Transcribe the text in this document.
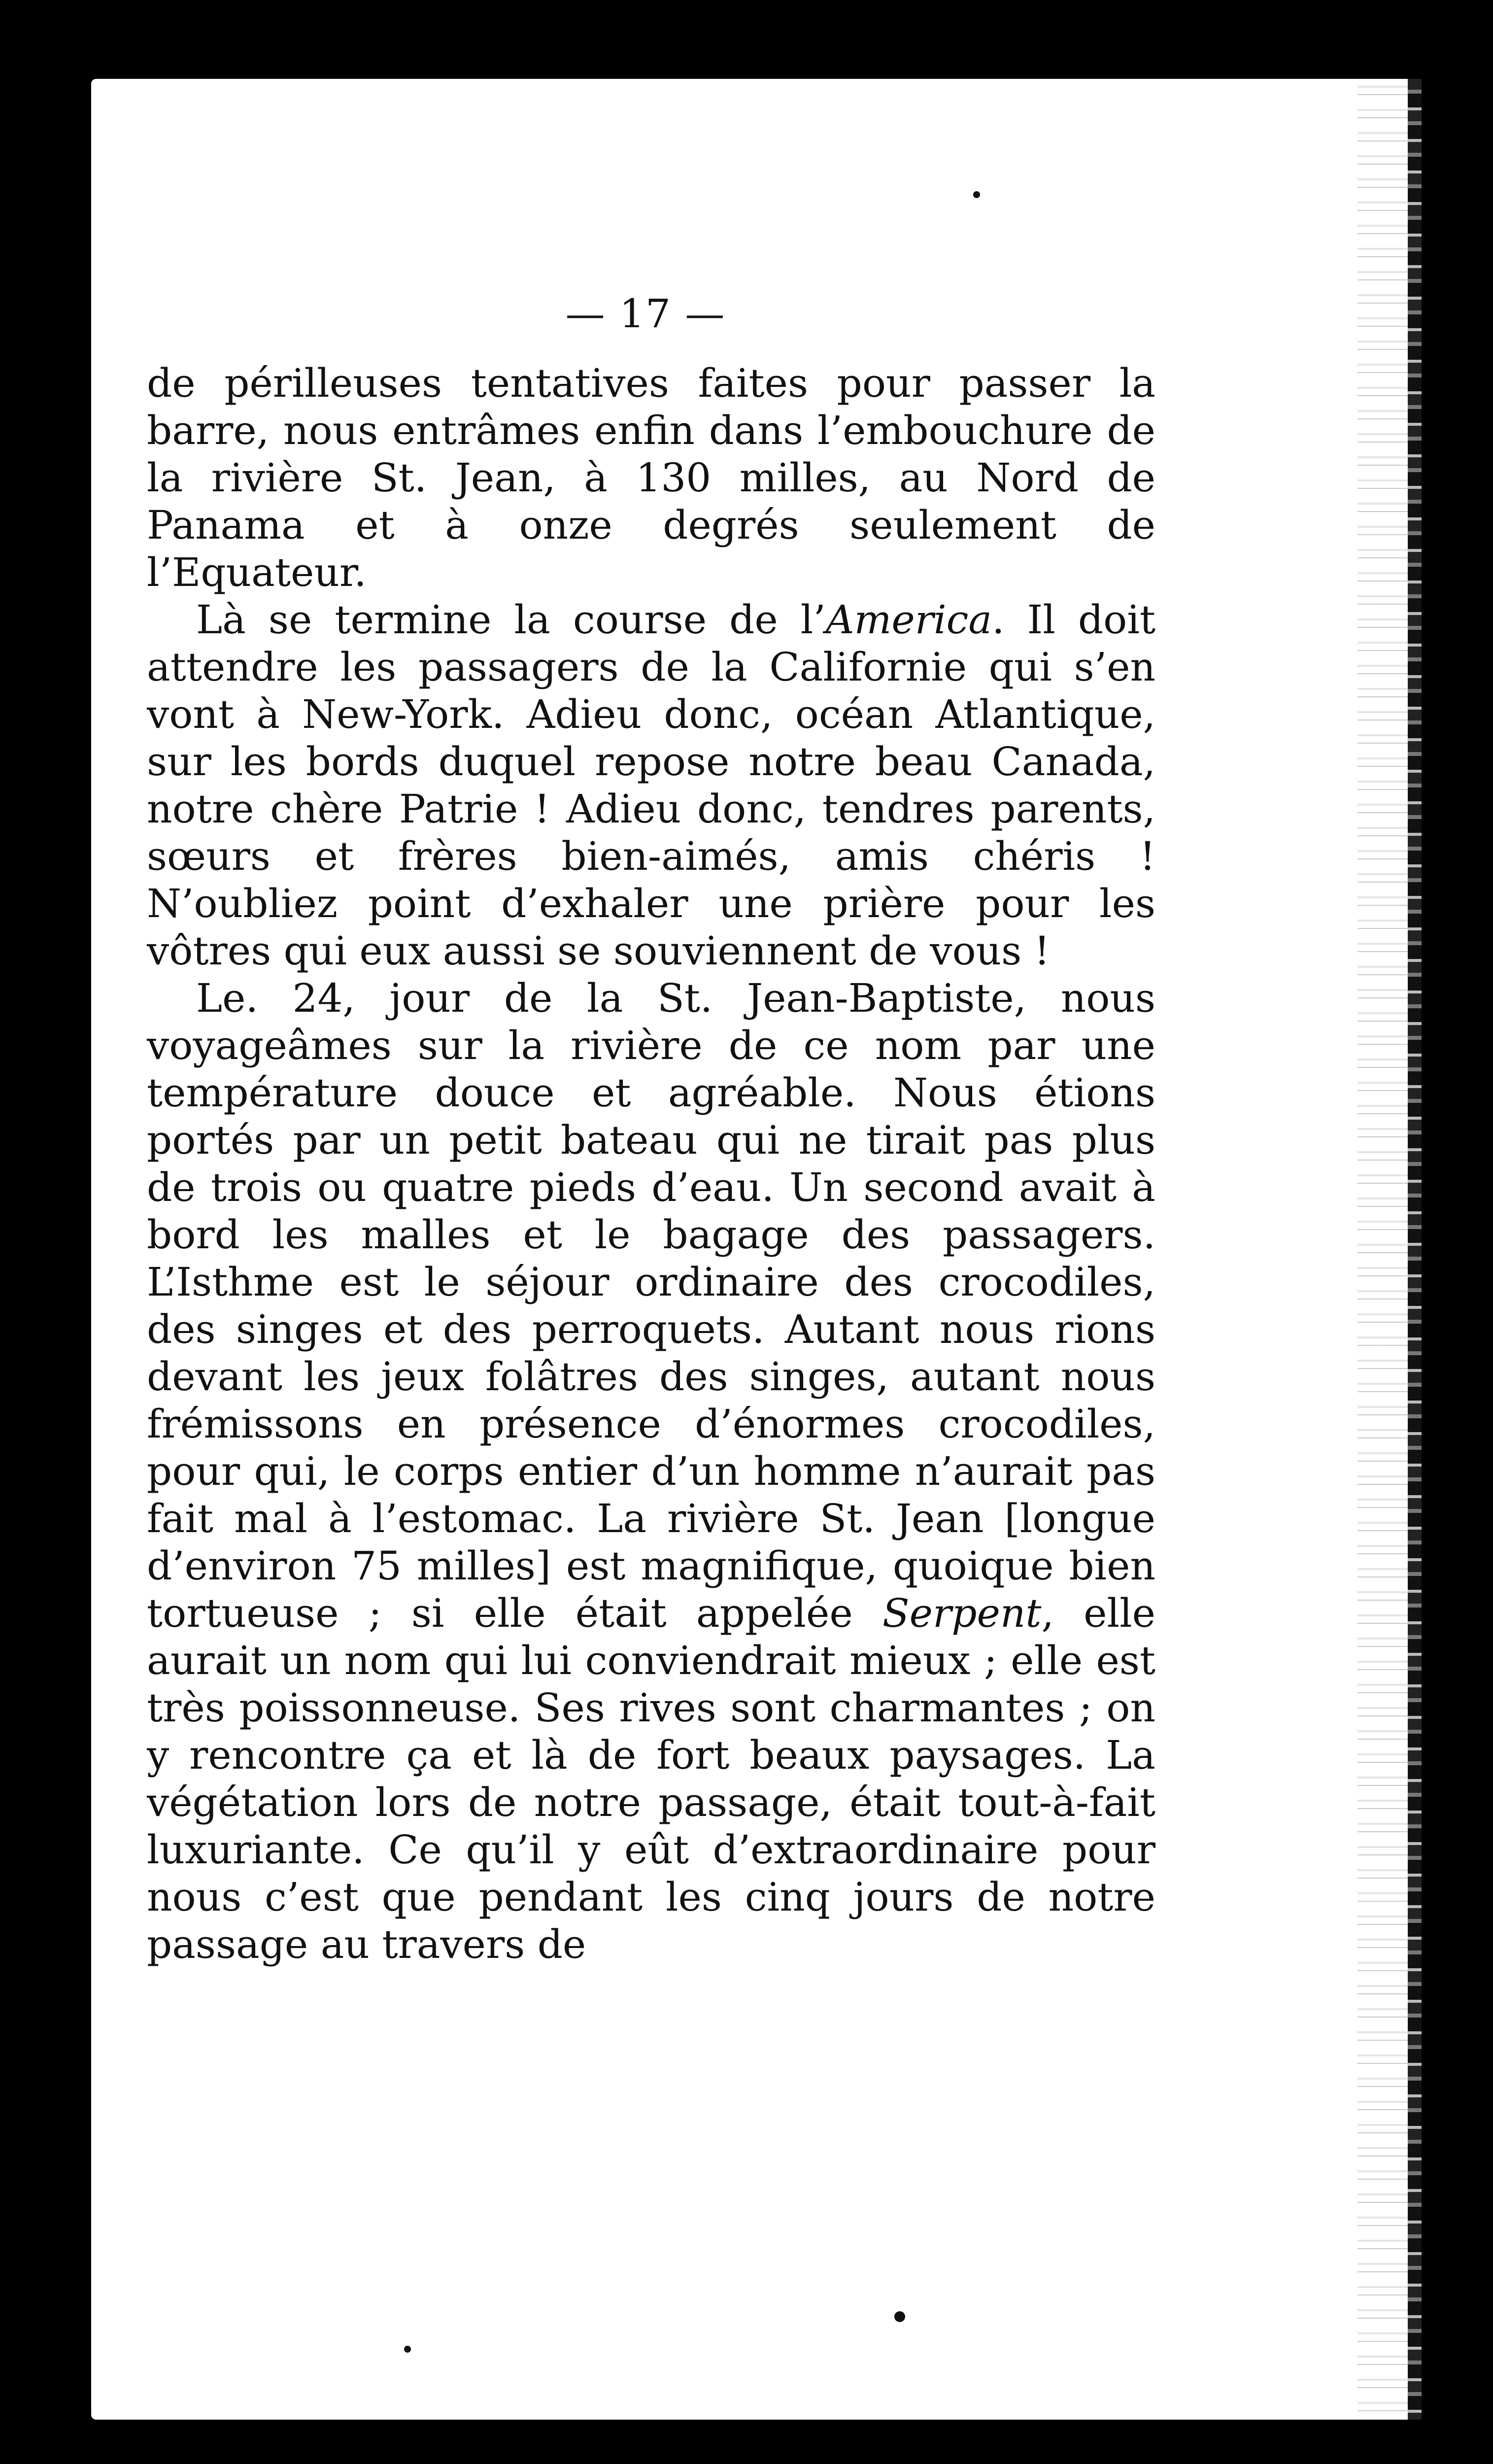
— 17 —

de périlleuses tentatives faites pour passer la barre, nous entrâmes enfin dans l’embouchure de la rivière St. Jean, à 130 milles, au Nord de Panama et à onze degrés seulement de l’Equateur.

Là se termine la course de l’America. Il doit attendre les passagers de la Californie qui s’en vont à New-York. Adieu donc, océan Atlantique, sur les bords duquel repose notre beau Canada, notre chère Patrie ! Adieu donc, tendres parents, sœurs et frères bien-aimés, amis chéris ! N’oubliez point d’exhaler une prière pour les vôtres qui eux aussi se souviennent de vous !

Le. 24, jour de la St. Jean-Baptiste, nous voyageâmes sur la rivière de ce nom par une température douce et agréable. Nous étions portés par un petit bateau qui ne tirait pas plus de trois ou quatre pieds d’eau. Un second avait à bord les malles et le bagage des passagers. L’Isthme est le séjour ordinaire des crocodiles, des singes et des perroquets. Autant nous rions devant les jeux folâtres des singes, autant nous frémissons en présence d’énormes crocodiles, pour qui, le corps entier d’un homme n’aurait pas fait mal à l’estomac. La rivière St. Jean [longue d’environ 75 milles] est magnifique, quoique bien tortueuse ; si elle était appelée Serpent, elle aurait un nom qui lui conviendrait mieux ; elle est très poissonneuse. Ses rives sont charmantes ; on y rencontre ça et là de fort beaux paysages. La végétation lors de notre passage, était tout-à-fait luxuriante. Ce qu’il y eût d’extraordinaire pour nous c’est que pendant les cinq jours de notre passage au travers de
